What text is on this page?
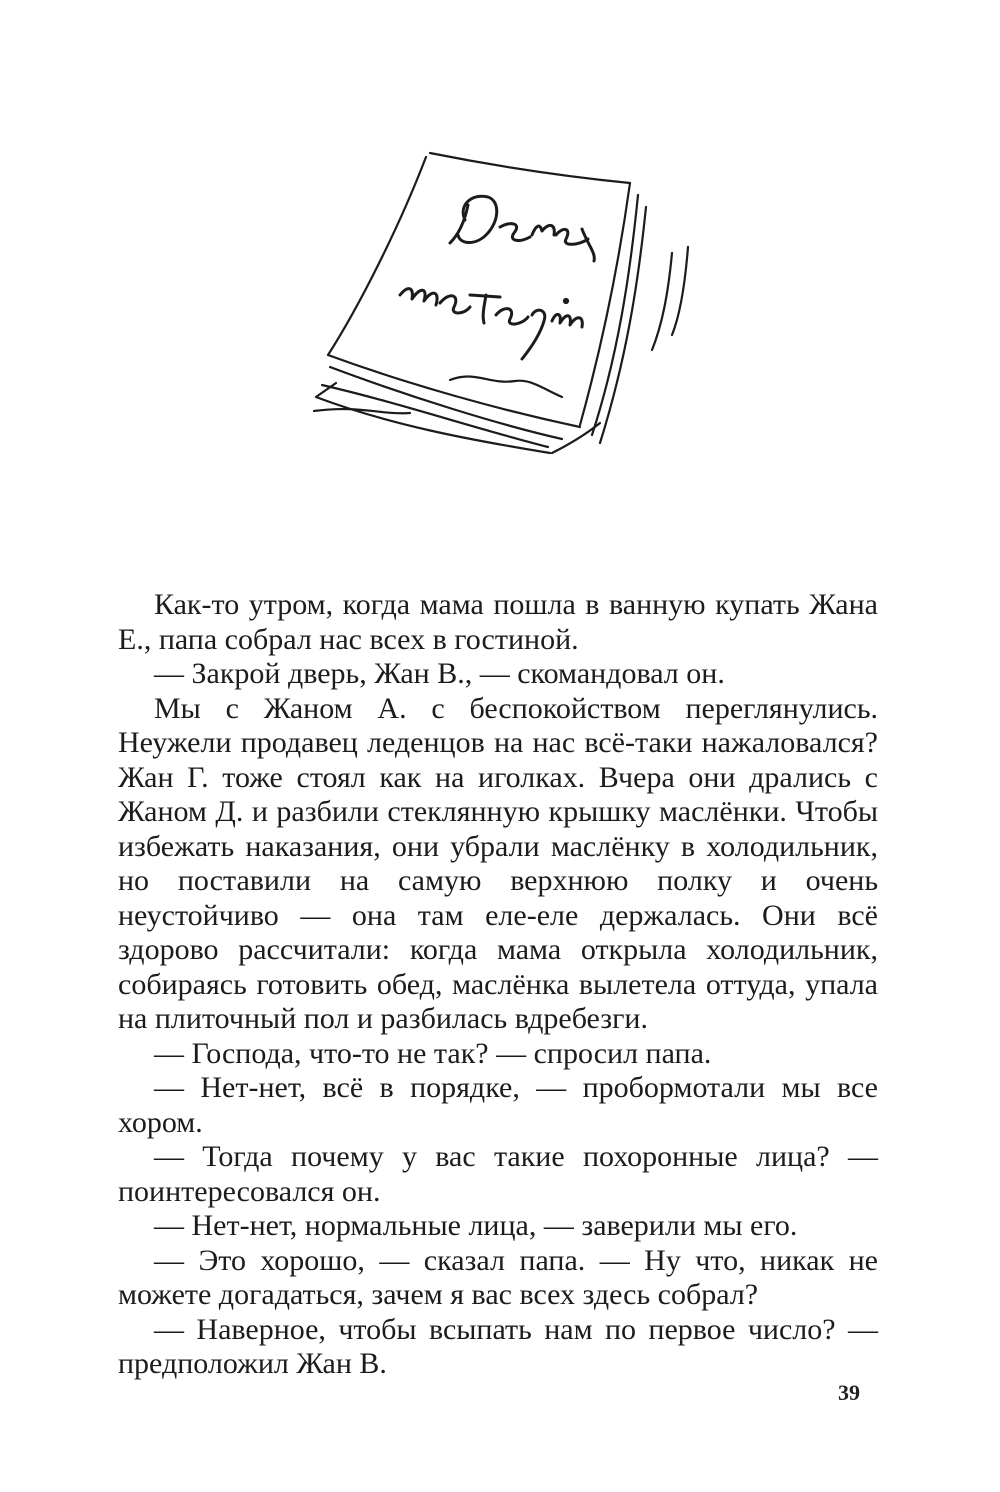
Как-то утром, когда мама пошла в ванную купать Жана Е., папа собрал нас всех в гостиной.

— Закрой дверь, Жан В., — скомандовал он.

Мы с Жаном А. с беспокойством переглянулись. Неужели продавец леденцов на нас всё-таки нажаловался? Жан Г. тоже стоял как на иголках. Вчера они дрались с Жаном Д. и разбили стеклянную крышку маслёнки. Чтобы избежать наказания, они убрали маслёнку в холодильник, но поставили на самую верхнюю полку и очень неустойчиво — она там еле-еле держалась. Они всё здорово рассчитали: когда мама открыла холодильник, собираясь готовить обед, маслёнка вылетела оттуда, упала на плиточный пол и разбилась вдребезги.

— Господа, что-то не так? — спросил папа.

— Нет-нет, всё в порядке, — пробормотали мы все хором.

— Тогда почему у вас такие похоронные лица? — поинтересовался он.

— Нет-нет, нормальные лица, — заверили мы его.

— Это хорошо, — сказал папа. — Ну что, никак не можете догадаться, зачем я вас всех здесь собрал?

— Наверное, чтобы всыпать нам по первое число? — предположил Жан В.

39
